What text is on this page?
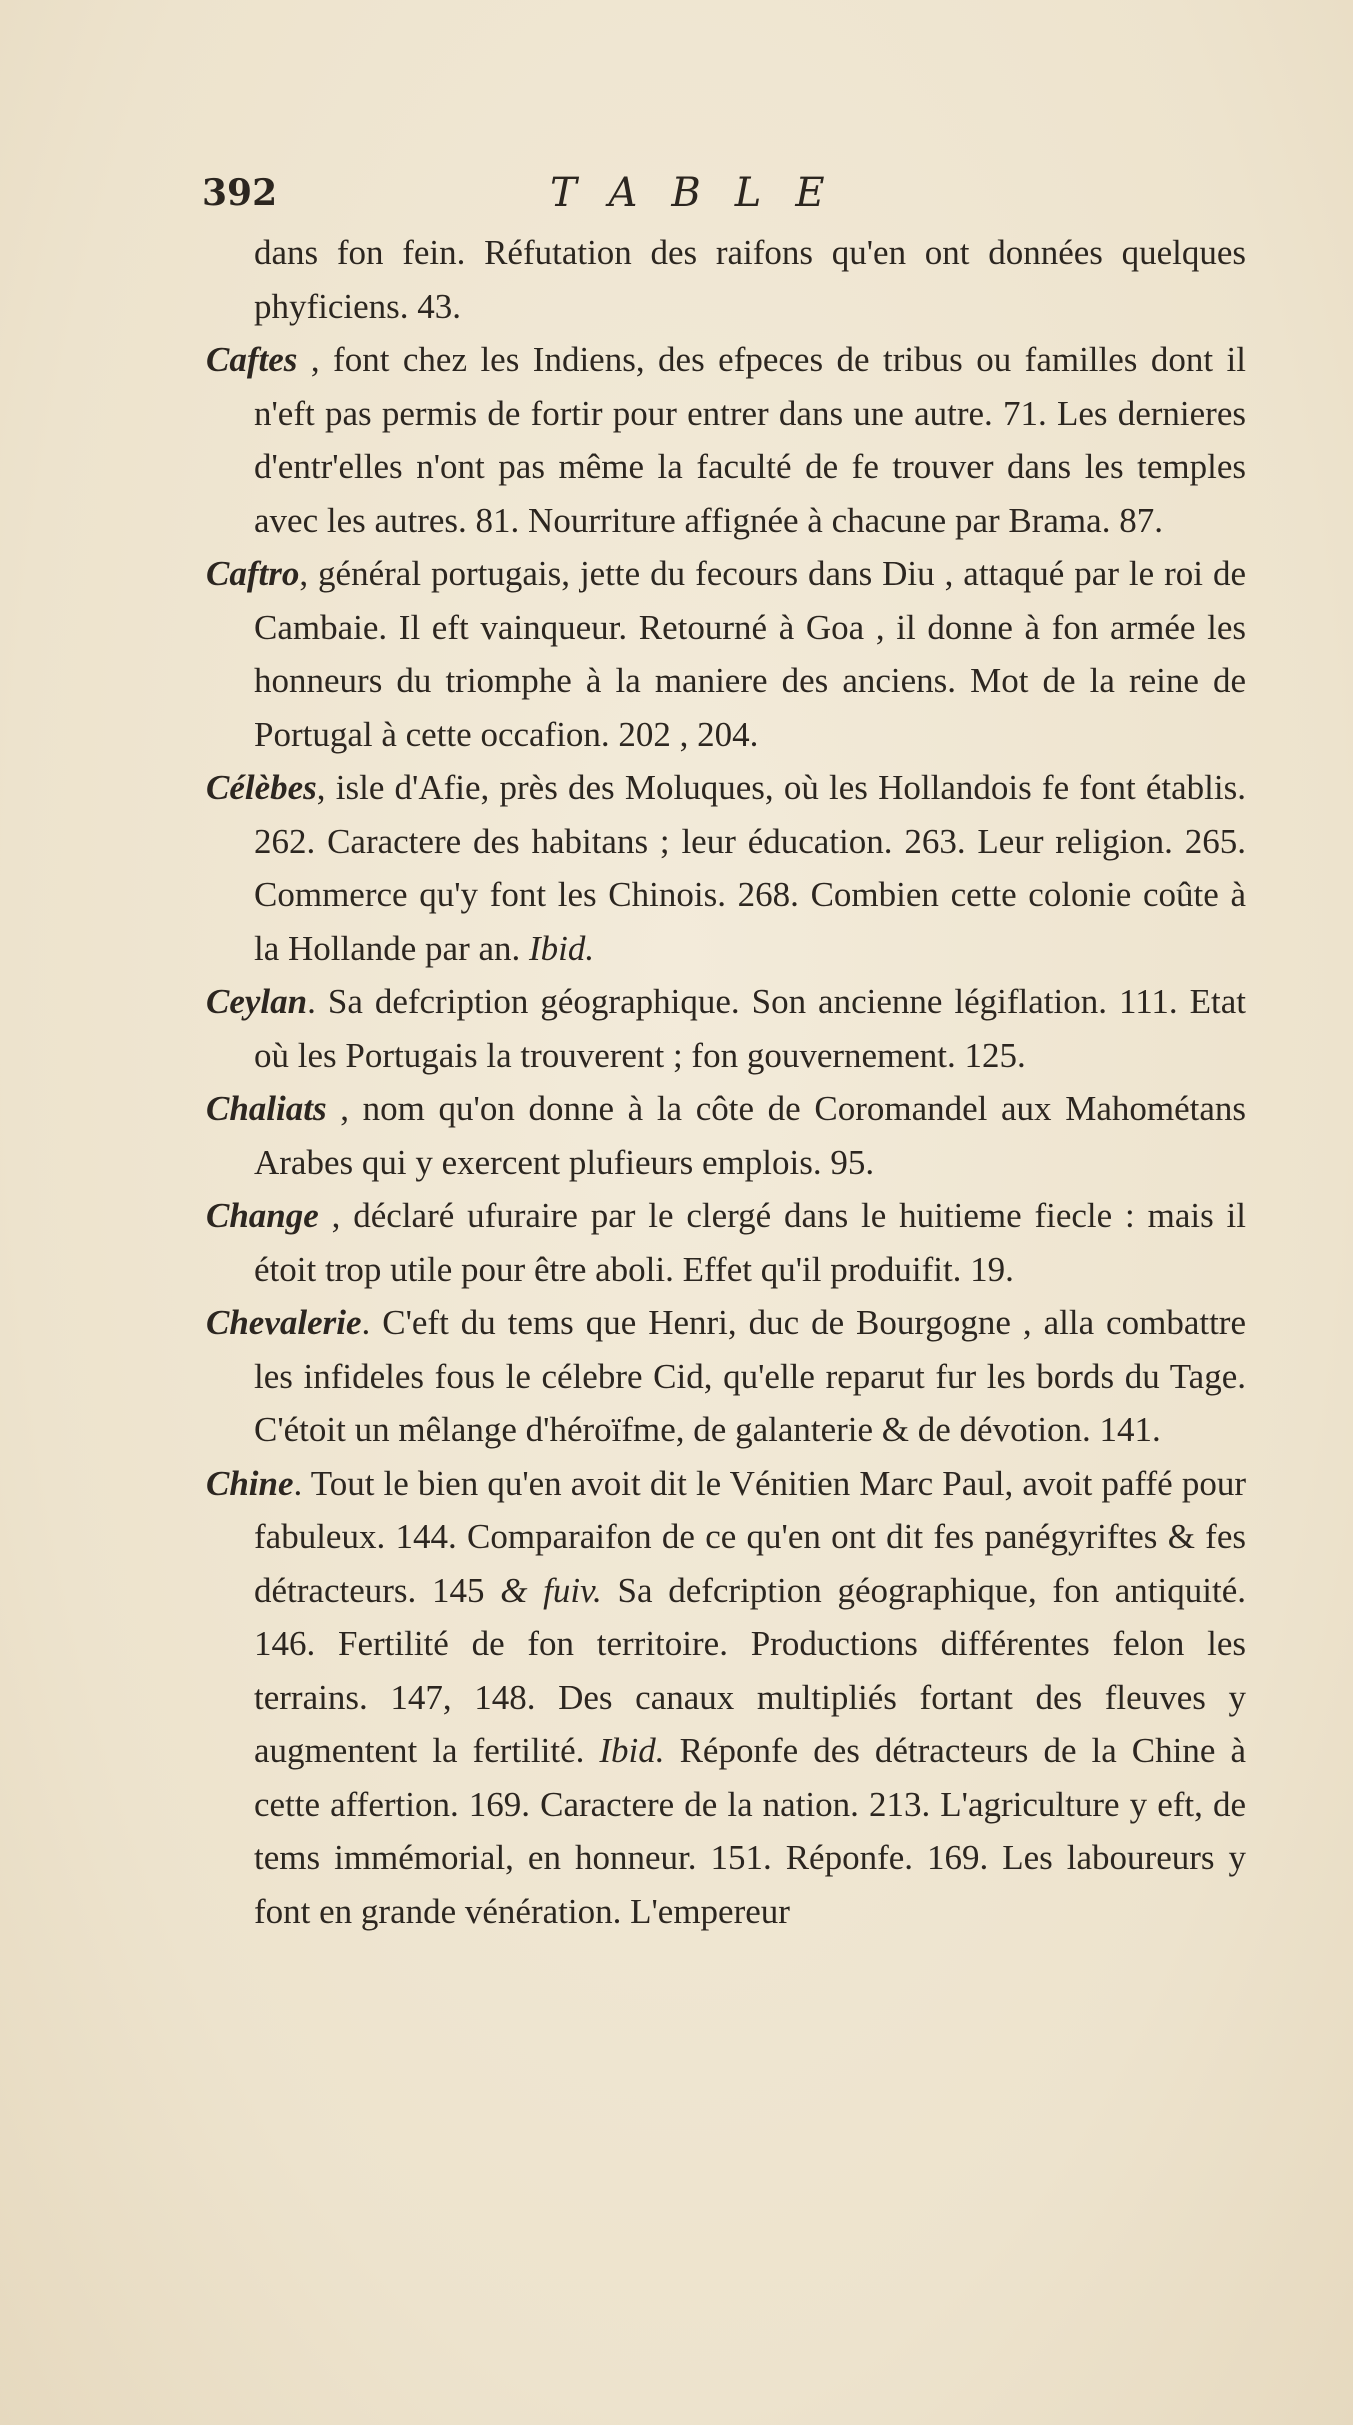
392	TABLE

dans fon fein. Réfutation des raifons qu'en ont données quelques phyficiens. 43.

Caftes , font chez les Indiens, des efpeces de tribus ou familles dont il n'eft pas permis de fortir pour entrer dans une autre. 71. Les dernieres d'entr'elles n'ont pas même la faculté de fe trouver dans les temples avec les autres. 81. Nourriture affignée à chacune par Brama. 87.

Caftro, général portugais, jette du fecours dans Diu , attaqué par le roi de Cambaie. Il eft vainqueur. Retourné à Goa , il donne à fon armée les honneurs du triomphe à la maniere des anciens. Mot de la reine de Portugal à cette occafion. 202 , 204.

Célèbes, isle d'Afie, près des Moluques, où les Hollandois fe font établis. 262. Caractere des habitans ; leur éducation. 263. Leur religion. 265. Commerce qu'y font les Chinois. 268. Combien cette colonie coûte à la Hollande par an. Ibid.

Ceylan. Sa defcription géographique. Son ancienne légiflation. 111. Etat où les Portugais la trouverent ; fon gouvernement. 125.

Chaliats , nom qu'on donne à la côte de Coromandel aux Mahométans Arabes qui y exercent plufieurs emplois. 95.

Change , déclaré ufuraire par le clergé dans le huitieme fiecle : mais il étoit trop utile pour être aboli. Effet qu'il produifit. 19.

Chevalerie. C'eft du tems que Henri, duc de Bourgogne , alla combattre les infideles fous le célebre Cid, qu'elle reparut fur les bords du Tage. C'étoit un mêlange d'héroïfme, de galanterie & de dévotion. 141.

Chine. Tout le bien qu'en avoit dit le Vénitien Marc Paul, avoit paffé pour fabuleux. 144. Comparaifon de ce qu'en ont dit fes panégyriftes & fes détracteurs. 145 & fuiv. Sa defcription géographique, fon antiquité. 146. Fertilité de fon territoire. Productions différentes felon les terrains. 147, 148. Des canaux multipliés fortant des fleuves y augmentent la fertilité. Ibid. Réponfe des détracteurs de la Chine à cette affertion. 169. Caractere de la nation. 213. L'agriculture y eft, de tems immémorial, en honneur. 151. Réponfe. 169. Les laboureurs y font en grande vénération. L'empereur
